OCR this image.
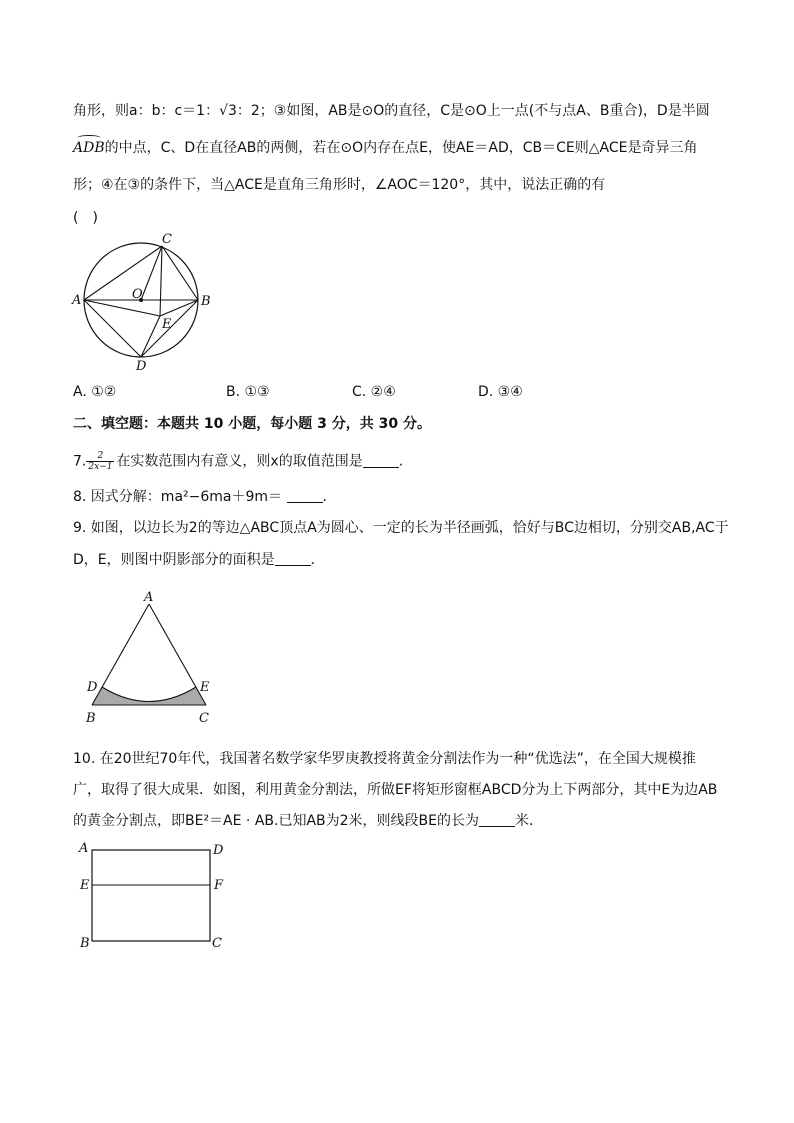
角形，则a：b：c＝1：√3：2；③如图，AB是⊙O的直径，C是⊙O上一点(不与点A、B重合)，D是半圆
ADB的中点，C、D在直径AB的两侧，若在⊙O内存在点E，使AE＝AD，CB＝CE则△ACE是奇异三角
形；④在③的条件下，当△ACE是直角三角形时，∠AOC＝120°，其中，说法正确的有
(　)
A	B
C
D
O
E
A. ①②	B. ①③	C. ②④	D. ③④
二、填空题：本题共 10 小题，每小题 3 分，共 30 分。
7. $\frac{2}{2x-1}$ 在实数范围内有意义，则x的取值范围是	.
8. 因式分解：ma²−6ma＋9m＝	.
9. 如图，以边长为2的等边△ABC顶点A为圆心、一定的长为半径画弧，恰好与BC边相切，分别交AB,AC于
D，E，则图中阴影部分的面积是	.
A
B	C
D	E
10. 在20世纪70年代，我国著名数学家华罗庚教授将黄金分割法作为一种“优选法”，在全国大规模推
广，取得了很大成果．如图，利用黄金分割法，所做EF将矩形窗框ABCD分为上下两部分，其中E为边AB
的黄金分割点，即BE²＝AE · AB.已知AB为2米，则线段BE的长为	米．
A	D
E	F
B	C
